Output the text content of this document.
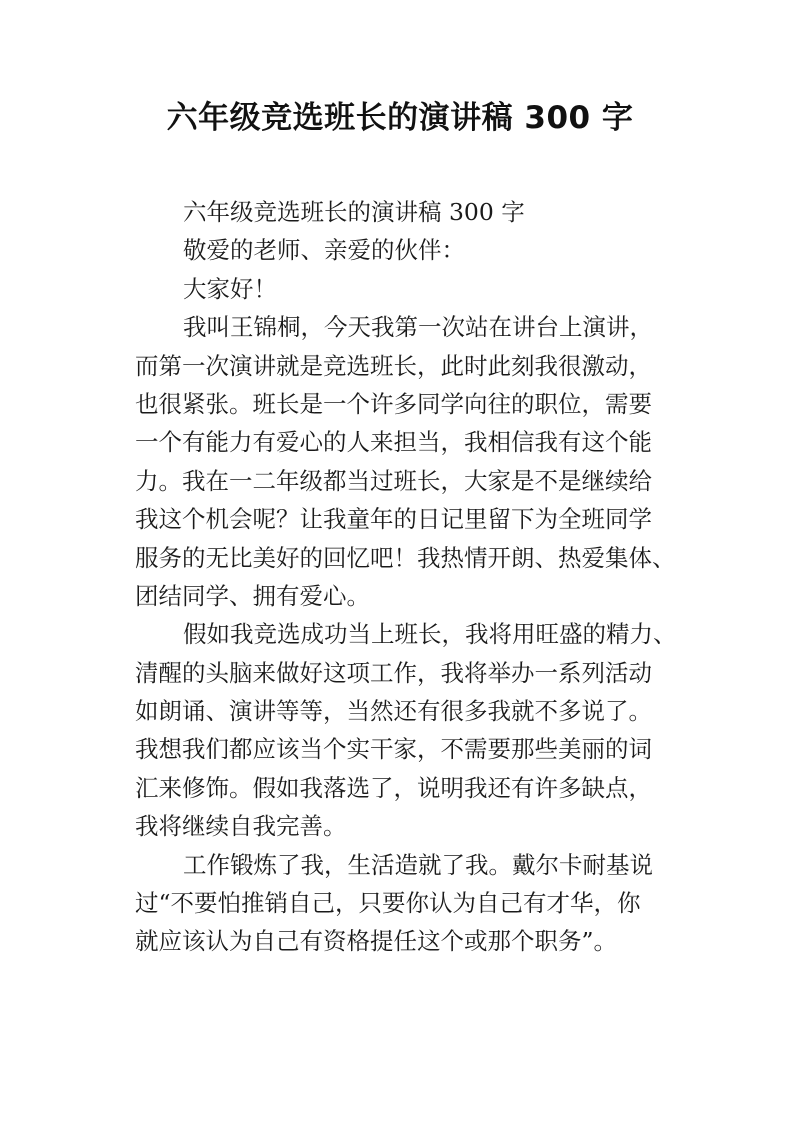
六年级竞选班长的演讲稿 300 字
六年级竞选班长的演讲稿 300 字
敬爱的老师、亲爱的伙伴：
大家好！
我叫王锦桐，今天我第一次站在讲台上演讲，
而第一次演讲就是竞选班长，此时此刻我很激动，
也很紧张。班长是一个许多同学向往的职位，需要
一个有能力有爱心的人来担当，我相信我有这个能
力。我在一二年级都当过班长，大家是不是继续给
我这个机会呢？让我童年的日记里留下为全班同学
服务的无比美好的回忆吧！我热情开朗、热爱集体、
团结同学、拥有爱心。
假如我竞选成功当上班长，我将用旺盛的精力、
清醒的头脑来做好这项工作，我将举办一系列活动
如朗诵、演讲等等，当然还有很多我就不多说了。
我想我们都应该当个实干家，不需要那些美丽的词
汇来修饰。假如我落选了，说明我还有许多缺点，
我将继续自我完善。
工作锻炼了我，生活造就了我。戴尔卡耐基说
过“不要怕推销自己，只要你认为自己有才华，你
就应该认为自己有资格提任这个或那个职务”。
